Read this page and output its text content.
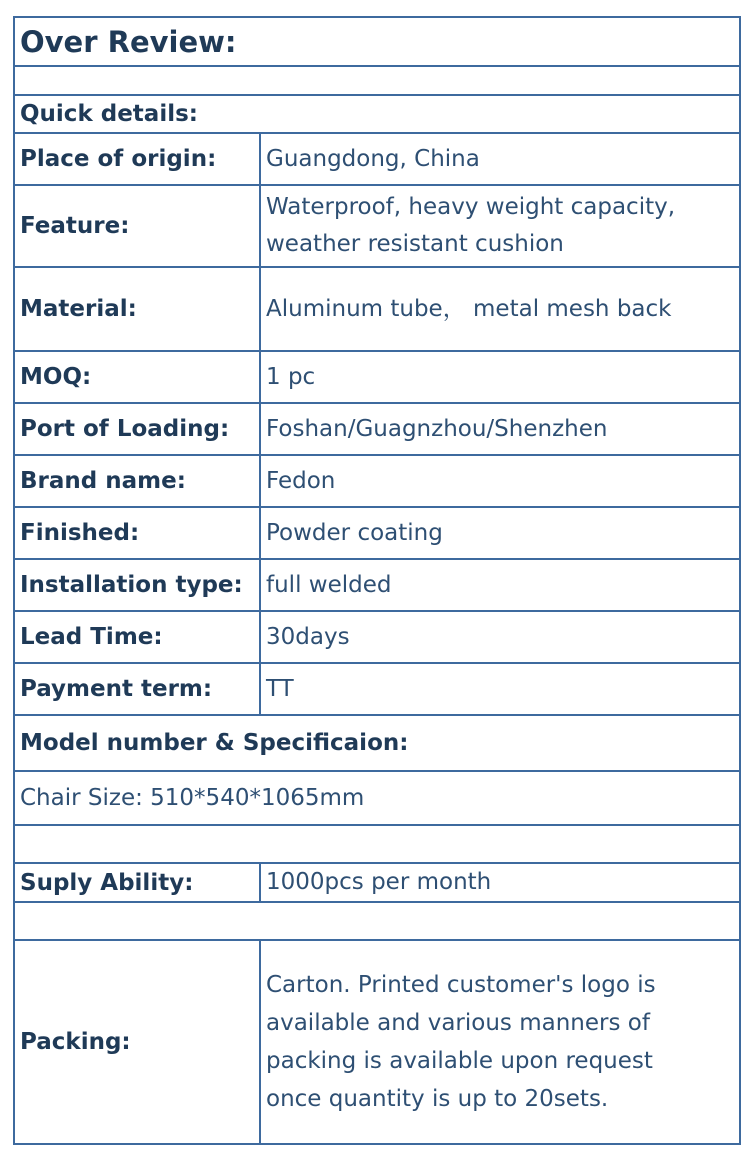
Over Review:	

Quick details:	
Place of origin:	Guangdong, China
Feature:	Waterproof, heavy weight capacity,
weather resistant cushion

Material:	Aluminum tube， metal mesh back
MOQ:	1 pc
Port of Loading:	Foshan/Guagnzhou/Shenzhen
Brand name:	Fedon
Finished:	Powder coating
Installation type:	full welded
Lead Time:	30days
Payment term:	TT
Model number & Specificaion:	
Chair Size: 510*540*1065mm	

Suply Ability:	1000pcs per month

Packing:	Carton. Printed customer's logo is
available and various manners of
packing is available upon request
once quantity is up to 20sets.
